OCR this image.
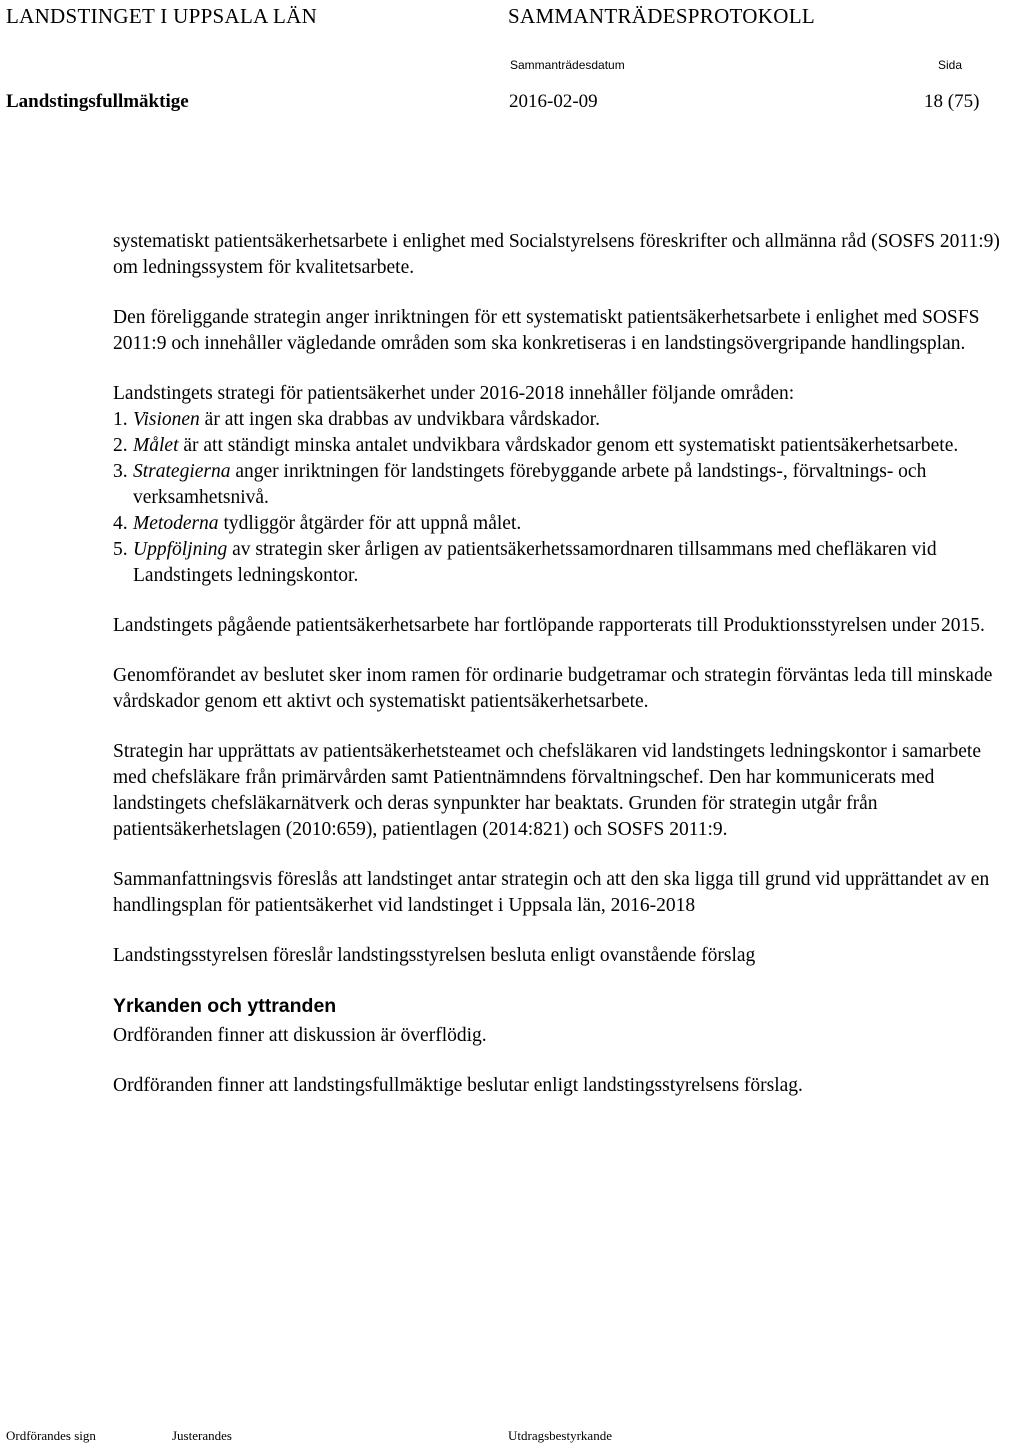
LANDSTINGET I UPPSALA LÄN	SAMMANTRÄDESPROTOKOLL
Sammanträdesdatum	Sida
Landstingsfullmäktige	2016-02-09	18 (75)

systematiskt patientsäkerhetsarbete i enlighet med Socialstyrelsens föreskrifter och allmänna råd (SOSFS 2011:9) om ledningssystem för kvalitetsarbete.

Den föreliggande strategin anger inriktningen för ett systematiskt patientsäkerhetsarbete i enlighet med SOSFS 2011:9 och innehåller vägledande områden som ska konkretiseras i en landstingsövergripande handlingsplan.

Landstingets strategi för patientsäkerhet under 2016-2018 innehåller följande områden:

1. Visionen är att ingen ska drabbas av undvikbara vårdskador.
2. Målet är att ständigt minska antalet undvikbara vårdskador genom ett systematiskt patientsäkerhetsarbete.
3. Strategierna anger inriktningen för landstingets förebyggande arbete på landstings-, förvaltnings- och verksamhetsnivå.
4. Metoderna tydliggör åtgärder för att uppnå målet.
5. Uppföljning av strategin sker årligen av patientsäkerhetssamordnaren tillsammans med chefläkaren vid Landstingets ledningskontor.

Landstingets pågående patientsäkerhetsarbete har fortlöpande rapporterats till Produktionsstyrelsen under 2015.

Genomförandet av beslutet sker inom ramen för ordinarie budgetramar och strategin förväntas leda till minskade vårdskador genom ett aktivt och systematiskt patientsäkerhetsarbete.

Strategin har upprättats av patientsäkerhetsteamet och chefsläkaren vid landstingets ledningskontor i samarbete med chefsläkare från primärvården samt Patientnämndens förvaltningschef. Den har kommunicerats med landstingets chefsläkarnätverk och deras synpunkter har beaktats. Grunden för strategin utgår från patientsäkerhetslagen (2010:659), patientlagen (2014:821) och SOSFS 2011:9.

Sammanfattningsvis föreslås att landstinget antar strategin och att den ska ligga till grund vid upprättandet av en handlingsplan för patientsäkerhet vid landstinget i Uppsala län, 2016-2018

Landstingsstyrelsen föreslår landstingsstyrelsen besluta enligt ovanstående förslag

Yrkanden och yttranden

Ordföranden finner att diskussion är överflödig.

Ordföranden finner att landstingsfullmäktige beslutar enligt landstingsstyrelsens förslag.

Ordförandes sign	Justerandes	Utdragsbestyrkande
